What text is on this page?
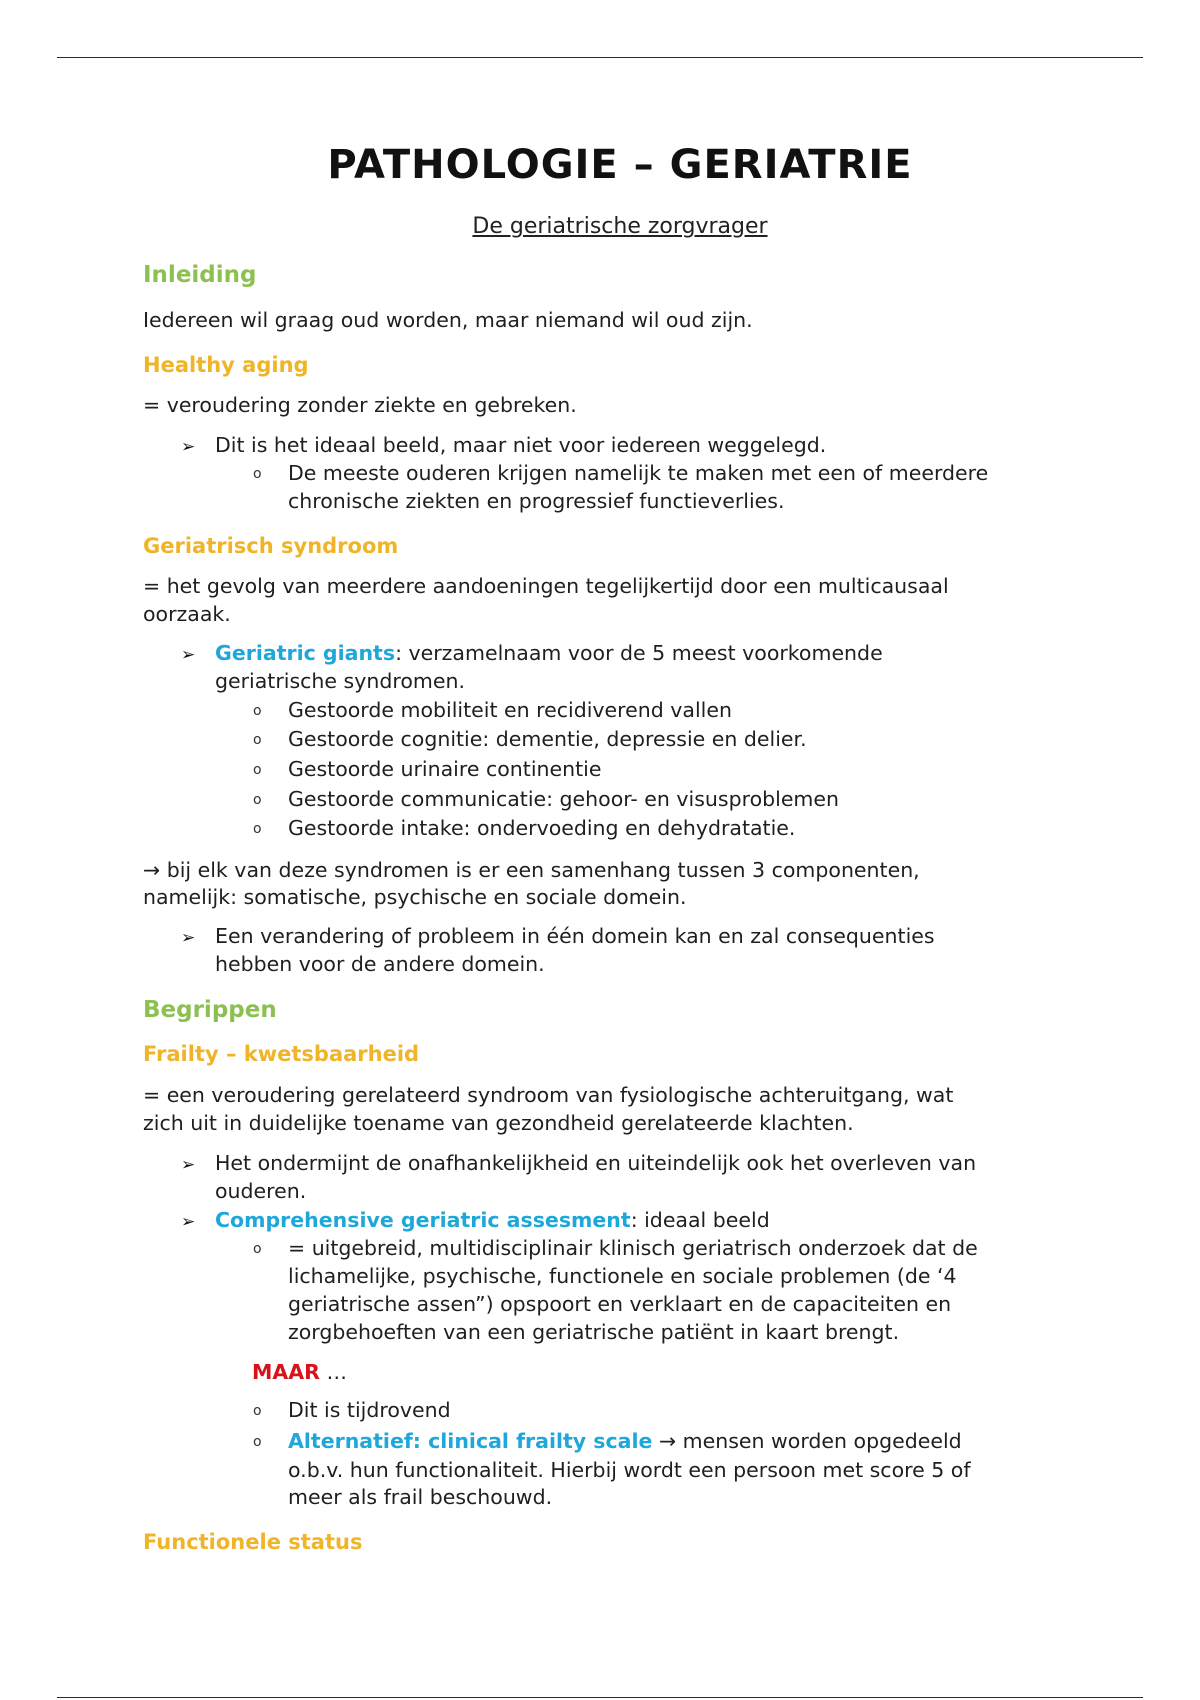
PATHOLOGIE – GERIATRIE
De geriatrische zorgvrager
Inleiding
Iedereen wil graag oud worden, maar niemand wil oud zijn.
Healthy aging
= veroudering zonder ziekte en gebreken.
➢ Dit is het ideaal beeld, maar niet voor iedereen weggelegd.
o De meeste ouderen krijgen namelijk te maken met een of meerdere
chronische ziekten en progressief functieverlies.
Geriatrisch syndroom
= het gevolg van meerdere aandoeningen tegelijkertijd door een multicausaal
oorzaak.
➢ Geriatric giants: verzamelnaam voor de 5 meest voorkomende
geriatrische syndromen.
o Gestoorde mobiliteit en recidiverend vallen
o Gestoorde cognitie: dementie, depressie en delier.
o Gestoorde urinaire continentie
o Gestoorde communicatie: gehoor- en visusproblemen
o Gestoorde intake: ondervoeding en dehydratatie.
→ bij elk van deze syndromen is er een samenhang tussen 3 componenten,
namelijk: somatische, psychische en sociale domein.
➢ Een verandering of probleem in één domein kan en zal consequenties
hebben voor de andere domein.
Begrippen
Frailty – kwetsbaarheid
= een veroudering gerelateerd syndroom van fysiologische achteruitgang, wat
zich uit in duidelijke toename van gezondheid gerelateerde klachten.
➢ Het ondermijnt de onafhankelijkheid en uiteindelijk ook het overleven van
ouderen.
➢ Comprehensive geriatric assesment: ideaal beeld
o = uitgebreid, multidisciplinair klinisch geriatrisch onderzoek dat de
lichamelijke, psychische, functionele en sociale problemen (de ‘4
geriatrische assen”) opspoort en verklaart en de capaciteiten en
zorgbehoeften van een geriatrische patiënt in kaart brengt.
MAAR …
o Dit is tijdrovend
o Alternatief: clinical frailty scale → mensen worden opgedeeld
o.b.v. hun functionaliteit. Hierbij wordt een persoon met score 5 of
meer als frail beschouwd.
Functionele status
